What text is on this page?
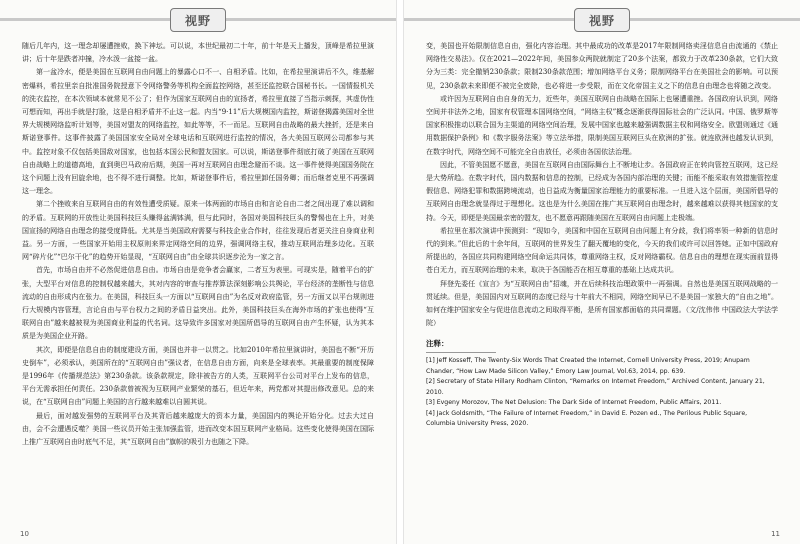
视野

随后几年内，这一理念却屡遭挫败，换下神坛。可以说，本世纪最初二十年，前十年是天上播发，顶峰是希拉里演讲；后十年是跌者冲撞，冷水泼一盆接一盆。

第一盆冷水，便是美国在互联网自由问题上的暴露心口不一、自相矛盾。比如，在希拉里演讲后不久，维基解密爆料，希拉里亲自批准国务院授意下令网络警务等机构全面监控网络，甚至还监控联合国秘书长。一国情报机关的洗衣监控，在本次领域本就常见不公了；但作为国家互联网自由的宣扬者，希拉里直接了当指示刺探，其虚伪性可想而知，再出手就是打脸，这是自相矛盾并不止这一起。内当“9·11”后大规模国内监控，斯诺登揭露美国对全世界大规模网络监听计划等，美国对盟友的网络监控，如此等等，不一而足。互联网自由战略的最大挫折，还是来自斯诺登事件。这事件披露了美国国家安全局对全球电话和互联网进行监控的情况，各大美国互联网公司都参与其中。监控对象不仅包括美国敌对国家，也包括本国公民和盟友国家。可以说，斯诺登事件彻底打破了美国在互联网自由战略上的道德高地，直到奥巴马政府后期，美国一再对互联网自由理念避而不谈。这一事件使得美国国务院在这个问题上没有回旋余地，也不得不进行调整。比如，斯诺登事件后，希拉里卸任国务卿；而后继者克里不再强调这一理念。

第二个挫败来自互联网自由的有效性遭受质疑。原来一体两面的市场自由和言论自由二者之间出现了难以调和的矛盾。互联网的开放性让美国科技巨头赚得盆满钵满，但与此同时，各国对美国科技巨头的警惕也在上升，对美国宣扬的网络自由理念的接受度降低。尤其是当美国政府需要与科技企业合作时，往往发现后者更关注自身商业利益。另一方面，一些国家开始用主权原则来界定网络空间的边界，强调网络主权，推动互联网治理多边化。互联网“碎片化”“巴尔干化”的趋势开始显现，“互联网自由”由全球共识逐步沦为一家之言。

首先，市场自由并不必然促进信息自由。市场自由是竞争者会赢家，二者互为表里。可现实是，随着平台的扩张，大型平台对信息的控制权越来越大，其对内容的审查与推荐算法深刻影响公共舆论，平台经济的垄断性与信息流动的自由形成内在张力。在美国，科技巨头一方面以“互联网自由”为名反对政府监管，另一方面又以平台规则进行大规模内容管理，言论自由与平台权力之间的矛盾日益突出。此外，美国科技巨头在海外市场的扩张也使得“互联网自由”越来越被视为美国商业利益的代名词。这导致许多国家对美国所倡导的互联网自由产生怀疑，认为其本质是为美国企业开路。

其次，即便是信息自由的制度建设方面，美国也并非一以贯之。比如2010年希拉里演讲时，美国也不断“开历史倒车”，必须承认，美国所在的“互联网自由”强议者，在信息自由方面，向来是全球表率。其最重要的制度保障是1996年《传播规范法》第230条款。该条款规定，除非被告方的人类，互联网平台公司对平台上发布的信息，平台无需承担任何责任。230条款曾被视为互联网产业繁荣的基石，但近年来，两党都对其提出修改意见。总的来说，在“互联网自由”问题上美国的言行越来越难以自圆其说。

最后，面对越发强势的互联网平台及其背后越来越庞大的资本力量，美国国内的舆论开始分化。过去大过自由，会不会遭遇反噬？美国一些议员开始主张加强监管，进而改变本国互联网产业格局。这些变化使得美国在国际上推广互联网自由时底气不足，其“互联网自由”旗帜的吸引力也随之下降。

10
视野

变，美国也开始限制信息自由，强化内容治理。其中最成功的改革是2017年限制网络卖淫信息自由流通的《禁止网络性交易法》。仅在2021—2022年间，美国参众两院就制定了20多个法案，都致力于改革230条款，它们大致分为三类：完全撤销230条款；限制230条款范围；增加网络平台义务；限制网络平台在美国社会的影响。可以预见，230条款未来即便不被完全废除，也必将进一步受限，而在文化帝国主义之下的信息自由理念也将随之改变。

或许因为互联网自由自身的无力，近些年，美国互联网自由战略在国际上也屡遭重挫。各国政府认识到，网络空间并非法外之地，国家有权管理本国网络空间，“网络主权”概念逐渐获得国际社会的广泛认同。中国、俄罗斯等国家积极推动以联合国为主渠道的网络空间治理，发展中国家也越来越强调数据主权和网络安全。欧盟则通过《通用数据保护条例》和《数字服务法案》等立法举措，限制美国互联网巨头在欧洲的扩张。就连欧洲也越发认识到，在数字时代，网络空间不可能完全自由放任，必须由各国依法治理。

因此，不管美国愿不愿意，美国在互联网自由国际舞台上不断地让步。各国政府正在转向管控互联网，这已经是大势所趋。在数字时代，国内数据和信息的控制，已经成为各国内部治理的关键；而能不能采取有效措施管控虚假信息、网络犯罪和数据跨境流动，也日益成为衡量国家治理能力的重要标准。一旦进入这个层面，美国所倡导的互联网自由理念就显得过于理想化。这也是为什么美国在推广其互联网自由理念时，越来越难以获得其他国家的支持。今天，即便是美国最亲密的盟友，也不愿意再跟随美国在互联网自由问题上走极端。

希拉里在那次演讲中预测到：“现如今，美国和中国在互联网自由问题上有分歧，我们将率领一种新的信息时代的到来。”但此后的十余年间，互联网的世界发生了翻天覆地的变化，今天的我们或许可以回答她。正如中国政府所提出的，各国应共同构建网络空间命运共同体，尊重网络主权，反对网络霸权。信息自由的理想在现实面前显得苍白无力，而互联网治理的未来，取决于各国能否在相互尊重的基础上达成共识。

拜登先委任《宣言》为“互联网自由”招魂，并在后续科技治理政策中一再强调。自然也是美国互联网战略的一贯延续。但是，美国国内对互联网的态度已经与十年前大不相同，网络空间早已不是美国一家独大的“自由之地”。如何在维护国家安全与促进信息流动之间取得平衡，是所有国家都面临的共同课题。（文/沈伟伟 中国政法大学法学院）

注释：
[1] Jeff Kosseff, The Twenty-Six Words That Created the Internet, Cornell University Press, 2019; Anupam Chander, “How Law Made Silicon Valley,” Emory Law Journal, Vol.63, 2014, pp. 639.
[2] Secretary of State Hillary Rodham Clinton, “Remarks on Internet Freedom,” Archived Content, January 21, 2010.
[3] Evgeny Morozov, The Net Delusion: The Dark Side of Internet Freedom, Public Affairs, 2011.
[4] Jack Goldsmith, “The Failure of Internet Freedom,” in David E. Pozen ed., The Perilous Public Square, Columbia University Press, 2020.
11
